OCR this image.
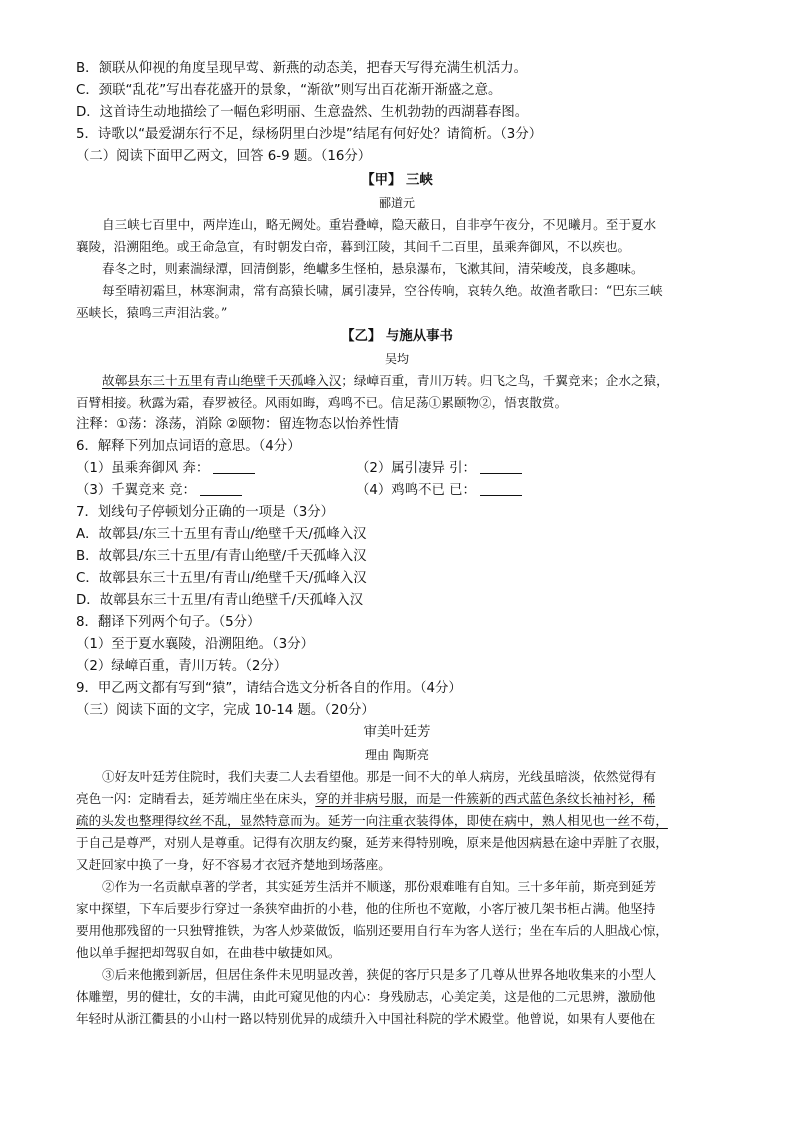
B．颔联从仰视的角度呈现早莺、新燕的动态美，把春天写得充满生机活力。
C．颈联“乱花”写出春花盛开的景象，“渐欲”则写出百花渐开渐盛之意。
D．这首诗生动地描绘了一幅色彩明丽、生意盎然、生机勃勃的西湖暮春图。
5．诗歌以“最爱湖东行不足，绿杨阴里白沙堤”结尾有何好处？请简析。（3分）
（二）阅读下面甲乙两文，回答 6-9 题。（16分）
【甲】 三峡
郦道元
自三峡七百里中，两岸连山，略无阙处。重岩叠嶂，隐天蔽日，自非亭午夜分，不见曦月。至于夏水
襄陵，沿溯阻绝。或王命急宣，有时朝发白帝，暮到江陵，其间千二百里，虽乘奔御风，不以疾也。
春冬之时，则素湍绿潭，回清倒影，绝巘多生怪柏，悬泉瀑布，飞漱其间，清荣峻茂，良多趣味。
每至晴初霜旦，林寒涧肃，常有高猿长啸，属引凄异，空谷传响，哀转久绝。故渔者歌曰：“巴东三峡
巫峡长，猿鸣三声泪沾裳。”
【乙】 与施从事书
吴均
故鄣县东三十五里有青山绝壁千天孤峰入汉；绿嶂百重，青川万转。归飞之鸟，千翼竞来；企水之猿，
百臂相接。秋露为霜，春罗被径。风雨如晦，鸡鸣不已。信足荡①累颐物②，悟衷散赏。
注释：①荡：涤荡，消除 ②颐物：留连物态以怡养性情
6．解释下列加点词语的意思。（4分）
（1）虽乘奔御风 奔：	（2）属引凄异 引：
（3）千翼竞来 竞：	（4）鸡鸣不已 已：
7．划线句子停顿划分正确的一项是（3分）
A．故鄣县/东三十五里有青山/绝壁千天/孤峰入汉
B．故鄣县/东三十五里/有青山绝壁/千天孤峰入汉
C．故鄣县东三十五里/有青山/绝壁千天/孤峰入汉
D．故鄣县东三十五里/有青山绝壁千/天孤峰入汉
8．翻译下列两个句子。（5分）
（1）至于夏水襄陵，沿溯阻绝。（3分）
（2）绿嶂百重，青川万转。（2分）
9．甲乙两文都有写到“猿”，请结合选文分析各自的作用。（4分）
（三）阅读下面的文字，完成 10-14 题。（20分）
审美叶廷芳
理由 陶斯亮
①好友叶廷芳住院时，我们夫妻二人去看望他。那是一间不大的单人病房，光线虽暗淡，依然觉得有
亮色一闪：定睛看去，延芳端庄坐在床头，穿的并非病号服，而是一件簇新的西式蓝色条纹长袖衬衫，稀
疏的头发也整理得纹丝不乱，显然特意而为。延芳一向注重衣装得体，即使在病中，熟人相见也一丝不苟，
于自己是尊严，对别人是尊重。记得有次朋友约聚，延芳来得特别晚，原来是他因病悬在途中弄脏了衣服，
又赶回家中换了一身，好不容易才衣冠齐楚地到场落座。
②作为一名贡献卓著的学者，其实延芳生活并不顺遂，那份艰难唯有自知。三十多年前，斯亮到延芳
家中探望，下车后要步行穿过一条狭窄曲折的小巷，他的住所也不宽敞，小客厅被几架书柜占满。他坚持
要用他那残留的一只独臂推铁，为客人炒菜做饭，临别还要用自行车为客人送行；坐在车后的人胆战心惊，
他以单手握把却驾驭自如，在曲巷中敏捷如风。
③后来他搬到新居，但居住条件未见明显改善，狭促的客厅只是多了几尊从世界各地收集来的小型人
体雕塑，男的健壮，女的丰满，由此可窥见他的内心：身残励志，心美定美，这是他的二元思辨，激励他
年轻时从浙江衢县的小山村一路以特别优异的成绩升入中国社科院的学术殿堂。他曾说，如果有人要他在
